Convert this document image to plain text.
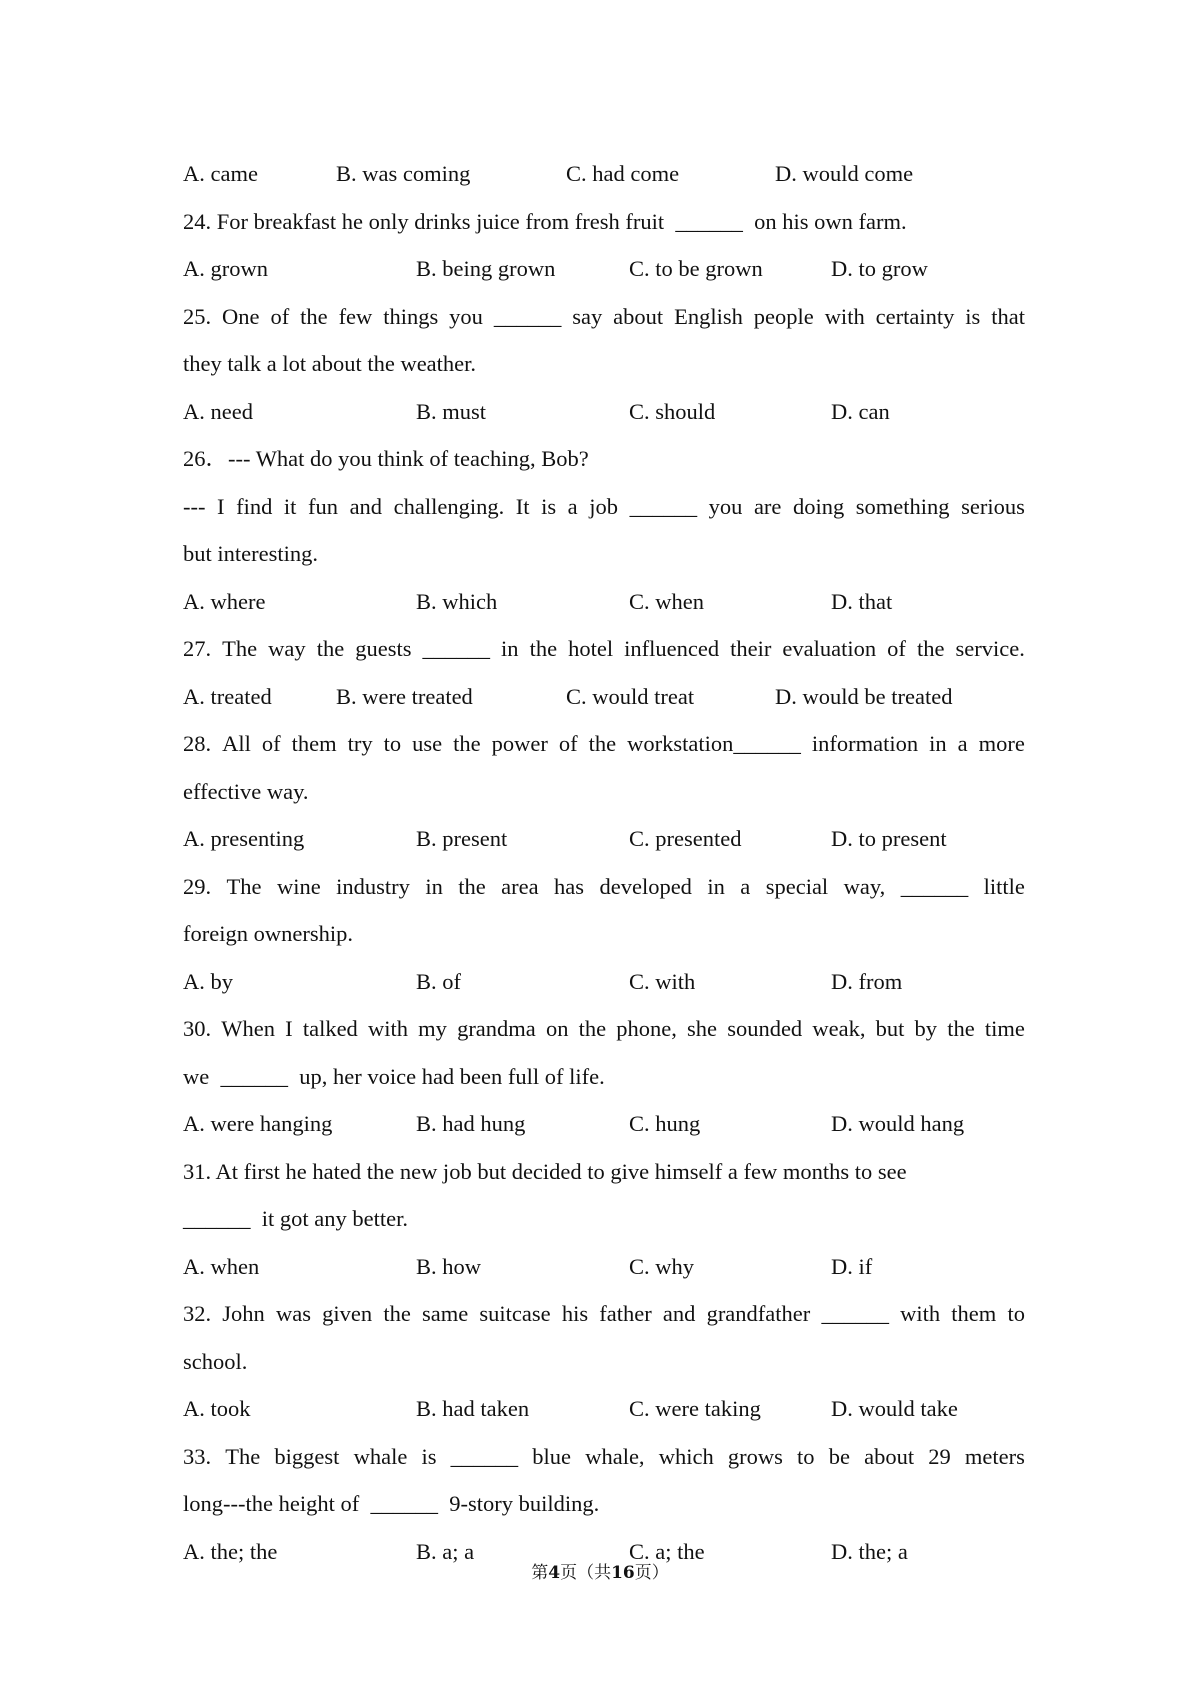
A. came	B. was coming	C. had come	D. would come
24. For breakfast he only drinks juice from fresh fruit  ______  on his own farm.
A. grown	B. being grown	C. to be grown	D. to grow
25. One of the few things you ______ say about English people with certainty is that
they talk a lot about the weather.
A. need	B. must	C. should	D. can
26．--- What do you think of teaching, Bob?
--- I find it fun and challenging. It is a job ______ you are doing something serious
but interesting.
A. where	B. which	C. when	D. that
27. The way the guests ______ in the hotel influenced their evaluation of the service.
A. treated	B. were treated	C. would treat	D. would be treated
28. All of them try to use the power of the workstation______ information in a more
effective way.
A. presenting	B. present	C. presented	D. to present
29. The wine industry in the area has developed in a special way, ______ little
foreign ownership.
A. by	B. of	C. with	D. from
30. When I talked with my grandma on the phone, she sounded weak, but by the time
we  ______  up, her voice had been full of life.
A. were hanging	B. had hung	C. hung	D. would hang
31. At first he hated the new job but decided to give himself a few months to see
______  it got any better.
A. when	B. how	C. why	D. if
32. John was given the same suitcase his father and grandfather ______ with them to
school.
A. took	B. had taken	C. were taking	D. would take
33. The biggest whale is ______ blue whale, which grows to be about 29 meters
long---the height of  ______  9-story building.
A. the; the	B. a; a	C. a; the	D. the; a
第4页（共16页）
